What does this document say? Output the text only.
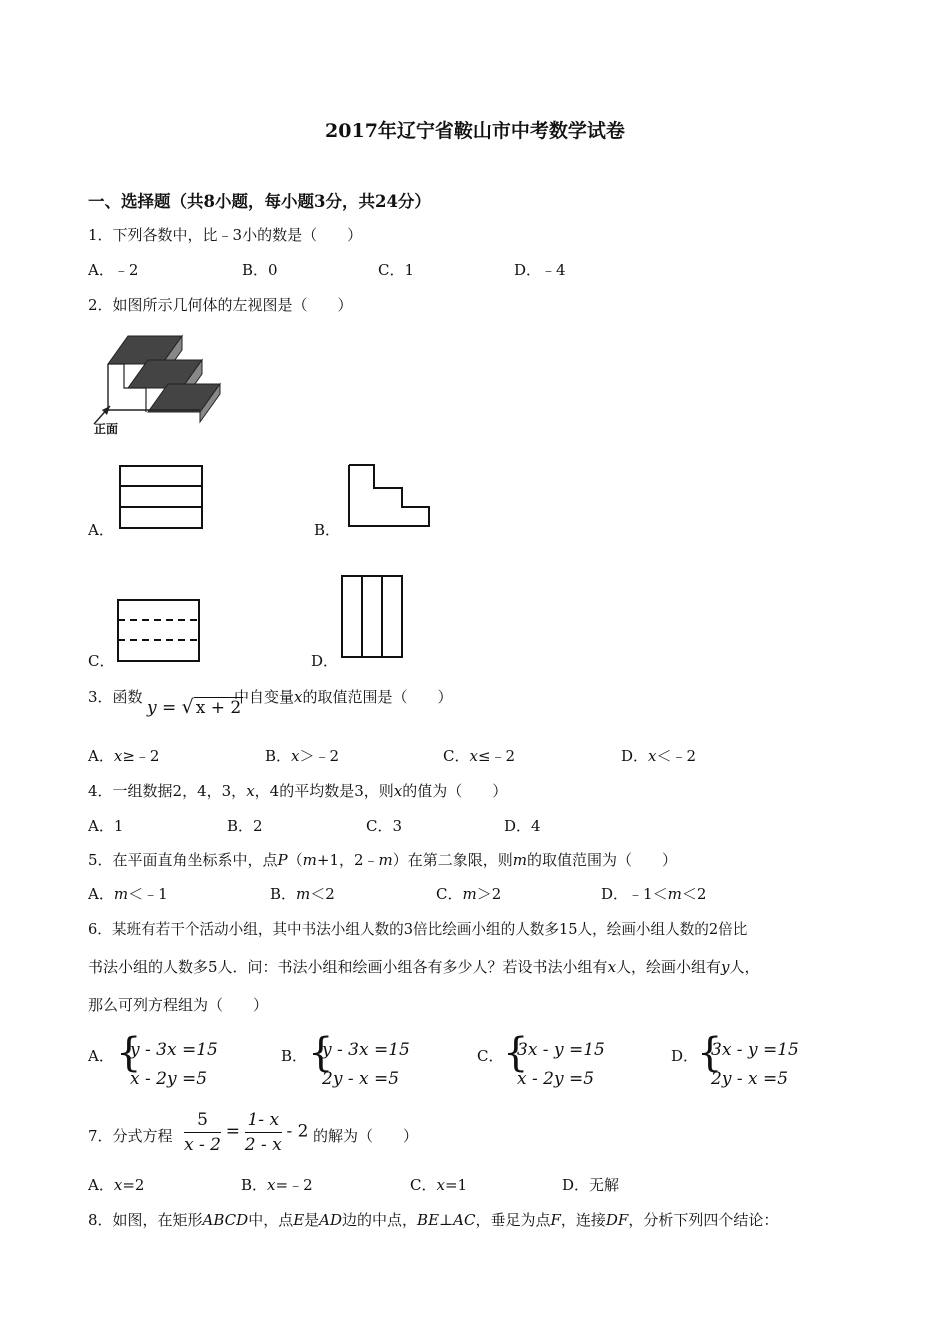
2017年辽宁省鞍山市中考数学试卷
一、选择题（共8小题，每小题3分，共24分）
1．下列各数中，比﹣3小的数是（　　）
A．﹣2	B．0	C．1	D．﹣4
2．如图所示几何体的左视图是（　　）
正面
A．	B．
C．	D．
3．函数
y = √ x + 2
中自变量x的取值范围是（　　）
A．x≥﹣2	B．x＞﹣2	C．x≤﹣2	D．x＜﹣2
4．一组数据2，4，3，x，4的平均数是3，则x的值为（　　）
A．1	B．2	C．3	D．4
5．在平面直角坐标系中，点P（m+1，2﹣m）在第二象限，则m的取值范围为（　　）
A．m＜﹣1	B．m＜2	C．m＞2	D．﹣1＜m＜2
6．某班有若干个活动小组，其中书法小组人数的3倍比绘画小组的人数多15人，绘画小组人数的2倍比
书法小组的人数多5人．问：书法小组和绘画小组各有多少人？若设书法小组有x人，绘画小组有y人，
那么可列方程组为（　　）
A． {
y - 3x =15
x - 2y =5
B． {
y - 3x =15
2y - x =5
C． {
3x - y =15
x - 2y =5
D．
{
3x - y =15
2y - x =5
7．分式方程 $\frac{5}{x - 2} = \frac{1- x}{2 - x} - 2$ 的解为（　　）
A．x=2	B．x=﹣2	C．x=1	D．无解
8．如图，在矩形ABCD中，点E是AD边的中点，BE⊥AC，垂足为点F，连接DF，分析下列四个结论：
